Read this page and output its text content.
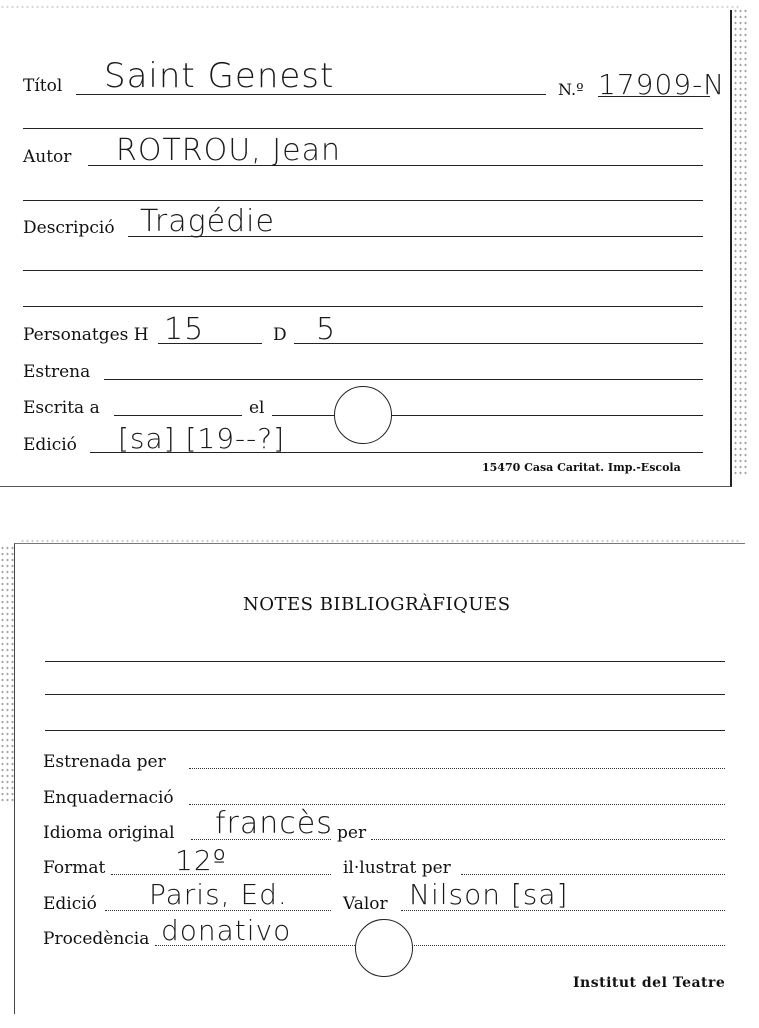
Títol Saint Genest	N.º 17909-N
Autor ROTROU, Jean
Descripció Tragédie
Personatges H 15	D 5
Estrena
Escrita a	el
Edició [sa] [19--?]
15470 Casa Caritat. Imp.-Escola
NOTES BIBLIOGRÀFIQUES
Estrenada per
Enquadernació
Idioma original francès per
Format 12º	il·lustrat per
Edició Paris, Ed.	Valor Nilson [sa]
Procedència donativo
Institut del Teatre
